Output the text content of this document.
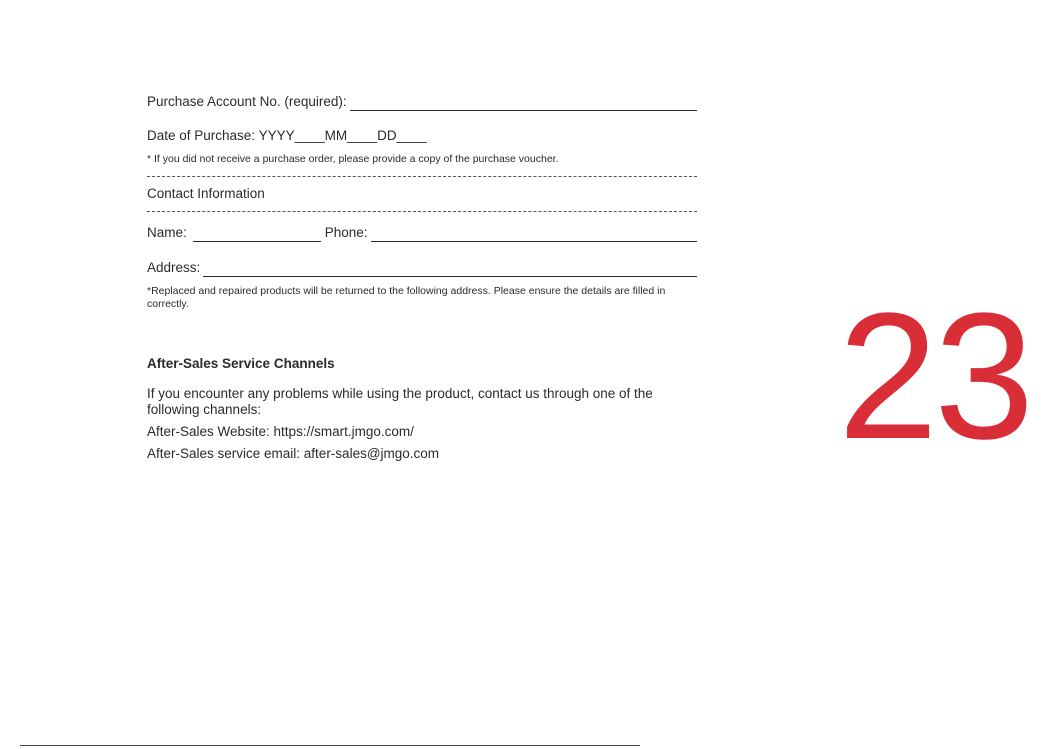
Purchase Account No. (required):
Date of Purchase: YYYY____MM____DD____
* If you did not receive a purchase order, please provide a copy of the purchase voucher.
Contact Information
Name:	Phone:
Address:
*Replaced and repaired products will be returned to the following address. Please ensure the details are filled in correctly.
After-Sales Service Channels
If you encounter any problems while using the product, contact us through one of the following channels:
After-Sales Website: https://smart.jmgo.com/
After-Sales service email: after-sales@jmgo.com	23
